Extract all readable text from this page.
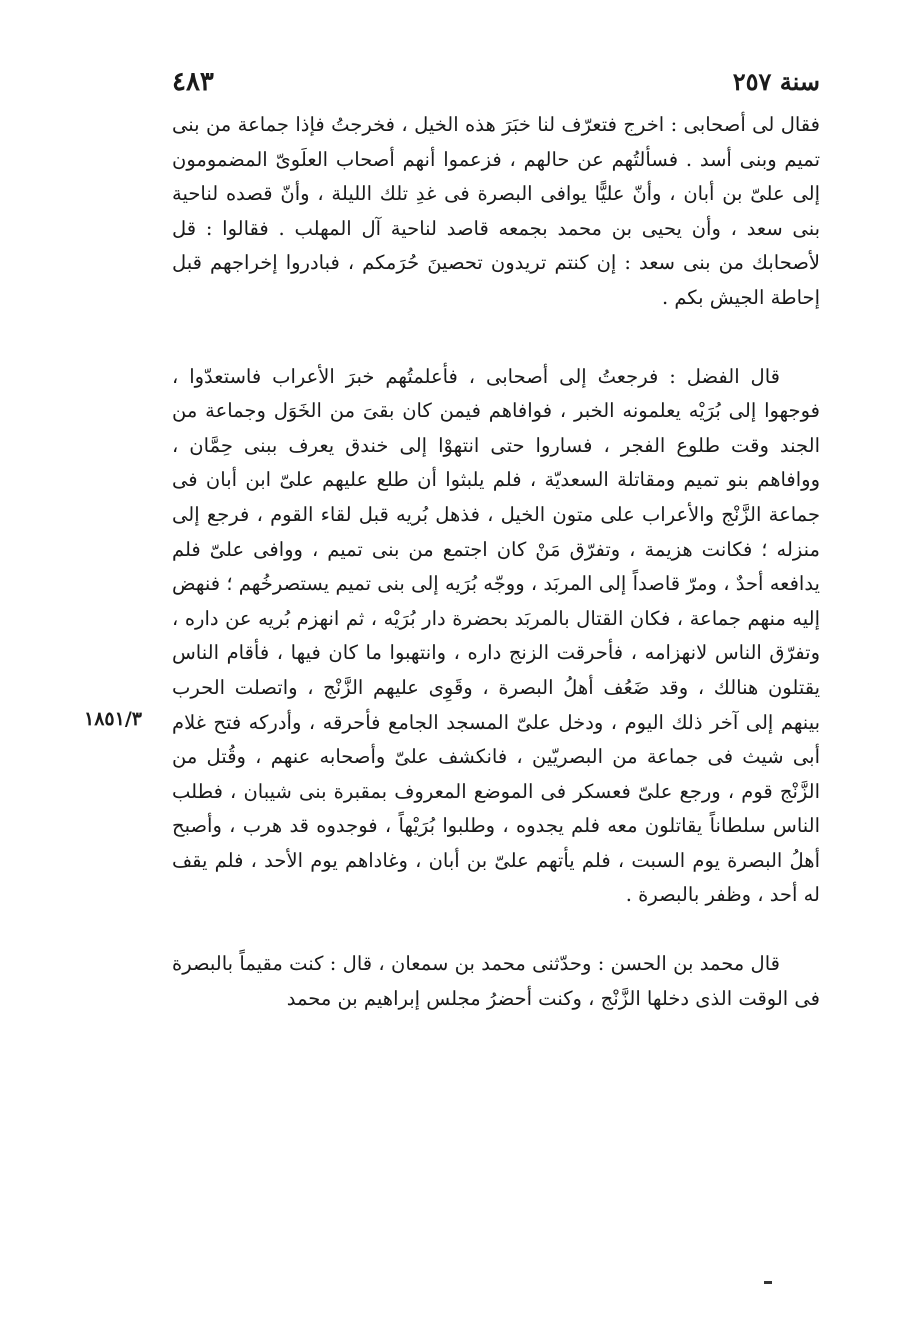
سنة ٢٥٧
٤٨٣
١٨٥١/٣

فقال لى أصحابى : اخرج فتعرّف لنا خبَرَ هذه الخيل ، فخرجتُ فإذا جماعة من بنى تميم وبنى أسد . فسألتُهم عن حالهم ، فزعموا أنهم أصحاب العلَوىّ المضمومون إلى علىّ بن أبان ، وأنّ عليًّا يوافى البصرة فى غدِ تلك الليلة ، وأنّ قصده لناحية بنى سعد ، وأن يحيى بن محمد بجمعه قاصد لناحية آل المهلب . فقالوا : قل لأصحابك من بنى سعد : إن كنتم تريدون تحصينَ حُرَمكم ، فبادروا إخراجهم قبل إحاطة الجيش بكم .

قال الفضل : فرجعتُ إلى أصحابى ، فأعلمتُهم خبرَ الأعراب فاستعدّوا ، فوجهوا إلى بُرَيْه يعلمونه الخبر ، فوافاهم فيمن كان بقىَ من الخَوَل وجماعة من الجند وقت طلوع الفجر ، فساروا حتى انتهوْا إلى خندق يعرف ببنى حِمَّان ، ووافاهم بنو تميم ومقاتلة السعديّة ، فلم يلبثوا أن طلع عليهم علىّ ابن أبان فى جماعة الزَّنْج والأعراب على متون الخيل ، فذهل بُريه قبل لقاء القوم ، فرجع إلى منزله ؛ فكانت هزيمة ، وتفرّق مَنْ كان اجتمع من بنى تميم ، ووافى علىّ فلم يدافعه أحدٌ ، ومرّ قاصداً إلى المربَد ، ووجّه بُرَيه إلى بنى تميم يستصرخُهم ؛ فنهض إليه منهم جماعة ، فكان القتال بالمربَد بحضرة دار بُرَيْه ، ثم انهزم بُريه عن داره ، وتفرّق الناس لانهزامه ، فأحرقت الزنج داره ، وانتهبوا ما كان فيها ، فأقام الناس يقتلون هنالك ، وقد ضَعُف أهلُ البصرة ، وقَوِى عليهم الزَّنْج ، واتصلت الحرب بينهم إلى آخر ذلك اليوم ، ودخل علىّ المسجد الجامع فأحرقه ، وأدركه فتح غلام أبى شيث فى جماعة من البصريّين ، فانكشف علىّ وأصحابه عنهم ، وقُتل من الزَّنْج قوم ، ورجع علىّ فعسكر فى الموضع المعروف بمقبرة بنى شيبان ، فطلب الناس سلطاناً يقاتلون معه فلم يجدوه ، وطلبوا بُرَيْهاً ، فوجدوه قد هرب ، وأصبح أهلُ البصرة يوم السبت ، فلم يأتهم علىّ بن أبان ، وغاداهم يوم الأحد ، فلم يقف له أحد ، وظفر بالبصرة .

قال محمد بن الحسن : وحدّثنى محمد بن سمعان ، قال : كنت مقيماً بالبصرة فى الوقت الذى دخلها الزَّنْج ، وكنت أحضرُ مجلس إبراهيم بن محمد
